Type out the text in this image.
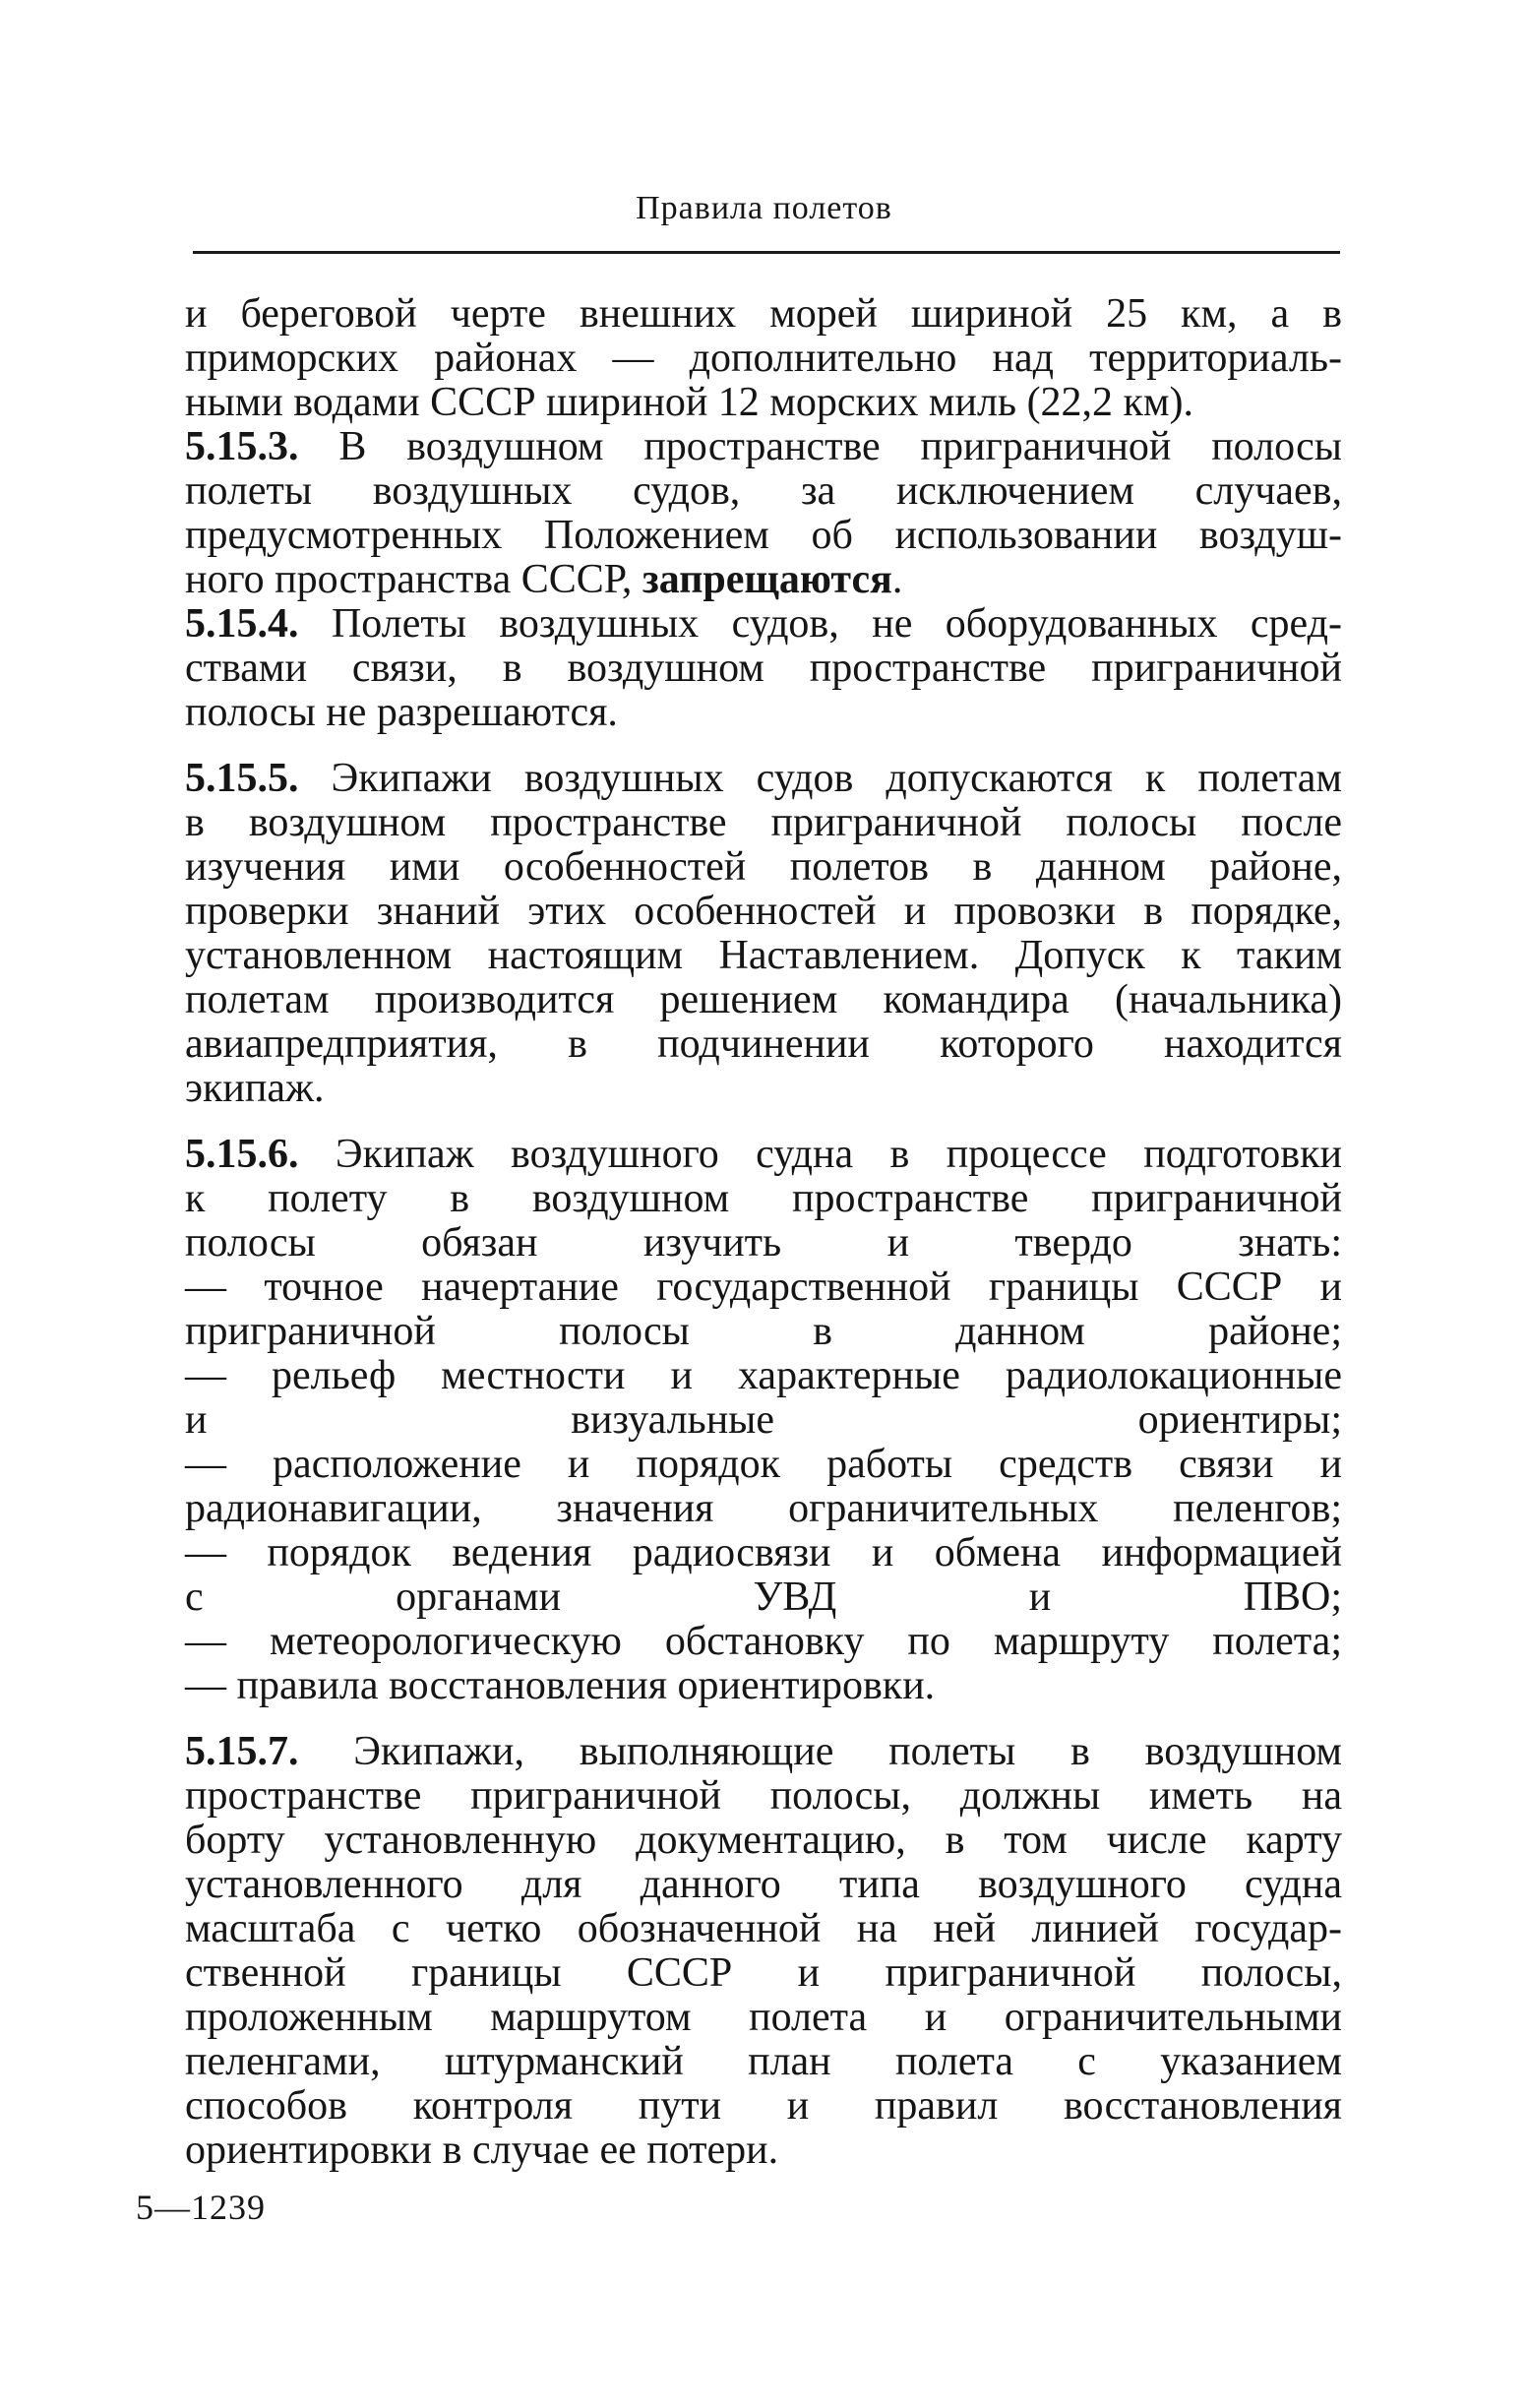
Правила полетов
и береговой черте внешних морей шириной 25 км, а в
приморских районах — дополнительно над территориаль-
ными водами СССР шириной 12 морских миль (22,2 км).
5.15.3. В воздушном пространстве приграничной полосы
полеты воздушных судов, за исключением случаев,
предусмотренных Положением об использовании воздуш-
ного пространства СССР, запрещаются.
5.15.4. Полеты воздушных судов, не оборудованных сред-
ствами связи, в воздушном пространстве приграничной
полосы не разрешаются.
5.15.5. Экипажи воздушных судов допускаются к полетам
в воздушном пространстве приграничной полосы после
изучения ими особенностей полетов в данном районе,
проверки знаний этих особенностей и провозки в порядке,
установленном настоящим Наставлением. Допуск к таким
полетам производится решением командира (начальника)
авиапредприятия, в подчинении которого находится
экипаж.
5.15.6. Экипаж воздушного судна в процессе подготовки
к полету в воздушном пространстве приграничной
полосы обязан изучить и твердо знать:
— точное начертание государственной границы СССР и
приграничной полосы в данном районе;
— рельеф местности и характерные радиолокационные
и визуальные ориентиры;
— расположение и порядок работы средств связи и
радионавигации, значения ограничительных пеленгов;
— порядок ведения радиосвязи и обмена информацией
с органами УВД и ПВО;
— метеорологическую обстановку по маршруту полета;
— правила восстановления ориентировки.
5.15.7. Экипажи, выполняющие полеты в воздушном
пространстве приграничной полосы, должны иметь на
борту установленную документацию, в том числе карту
установленного для данного типа воздушного судна
масштаба с четко обозначенной на ней линией государ-
ственной границы СССР и приграничной полосы,
проложенным маршрутом полета и ограничительными
пеленгами, штурманский план полета с указанием
способов контроля пути и правил восстановления
ориентировки в случае ее потери.
5—1239
